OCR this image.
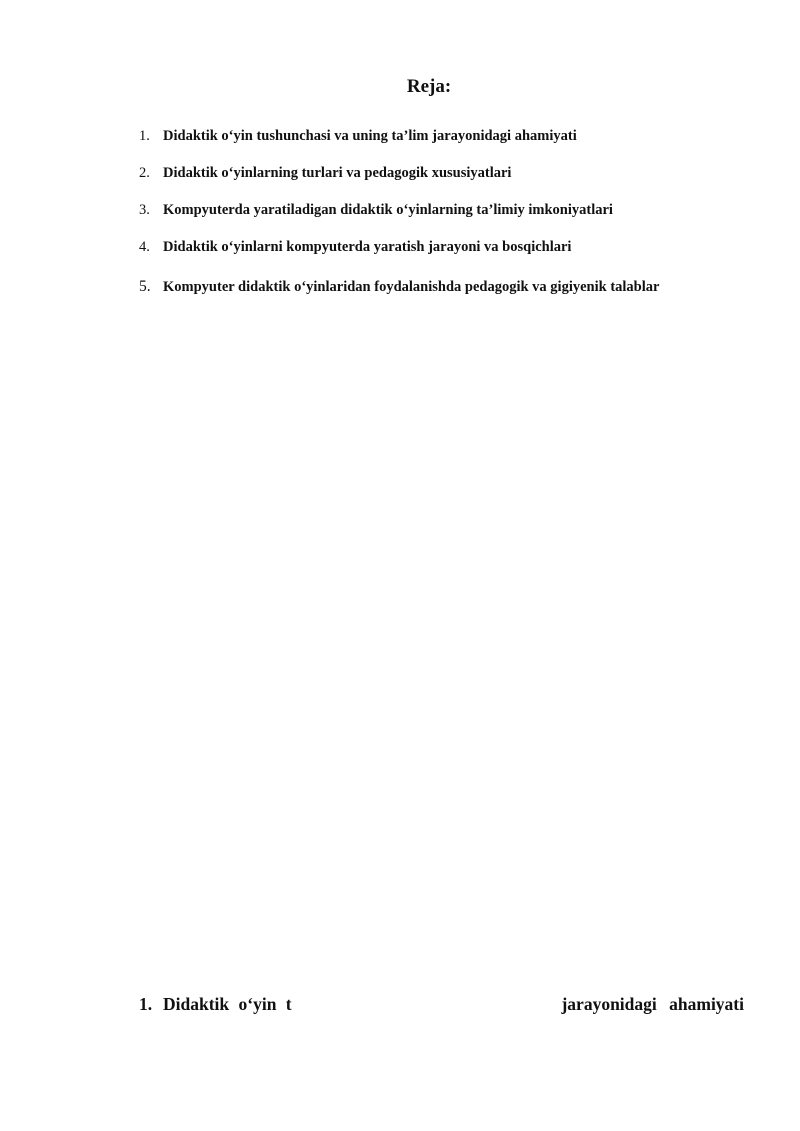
Reja:
1. Didaktik o‘yin tushunchasi va uning ta’lim jarayonidagi ahamiyati
2. Didaktik o‘yinlarning turlari va pedagogik xususiyatlari
3. Kompyuterda yaratiladigan didaktik o‘yinlarning ta’limiy imkoniyatlari
4. Didaktik o‘yinlarni kompyuterda yaratish jarayoni va bosqichlari
5. Kompyuter didaktik o‘yinlaridan foydalanishda pedagogik va gigiyenik talablar
1. Didaktik o‘yin t	jarayonidagi ahamiyati
